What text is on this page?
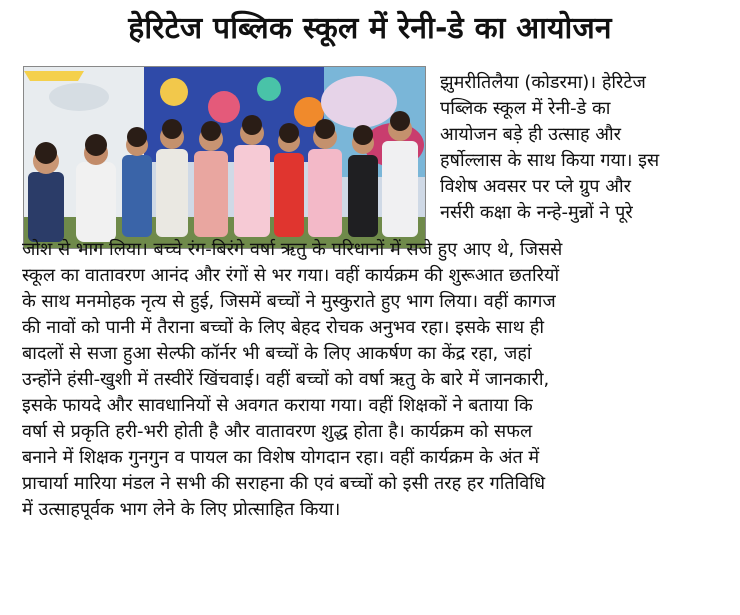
हेरिटेज पब्लिक स्कूल में रेनी-डे का आयोजन
झुमरीतिलैया (कोडरमा)। हेरिटेज
पब्लिक स्कूल में रेनी-डे का
आयोजन बड़े ही उत्साह और
हर्षोल्लास के साथ किया गया। इस
विशेष अवसर पर प्ले ग्रुप और
नर्सरी कक्षा के नन्हे-मुन्नों ने पूरे
जोश से भाग लिया। बच्चे रंग-बिरंगे वर्षा ऋतु के परिधानों में सजे हुए आए थे, जिससे
स्कूल का वातावरण आनंद और रंगों से भर गया। वहीं कार्यक्रम की शुरूआत छतरियों
के साथ मनमोहक नृत्य से हुई, जिसमें बच्चों ने मुस्कुराते हुए भाग लिया। वहीं कागज
की नावों को पानी में तैराना बच्चों के लिए बेहद रोचक अनुभव रहा। इसके साथ ही
बादलों से सजा हुआ सेल्फी कॉर्नर भी बच्चों के लिए आकर्षण का केंद्र रहा, जहां
उन्होंने हंसी-खुशी में तस्वीरें खिंचवाई। वहीं बच्चों को वर्षा ऋतु के बारे में जानकारी,
इसके फायदे और सावधानियों से अवगत कराया गया। वहीं शिक्षकों ने बताया कि
वर्षा से प्रकृति हरी-भरी होती है और वातावरण शुद्ध होता है। कार्यक्रम को सफल
बनाने में शिक्षक गुनगुन व पायल का विशेष योगदान रहा। वहीं कार्यक्रम के अंत में
प्राचार्या मारिया मंडल ने सभी की सराहना की एवं बच्चों को इसी तरह हर गतिविधि
में उत्साहपूर्वक भाग लेने के लिए प्रोत्साहित किया।
